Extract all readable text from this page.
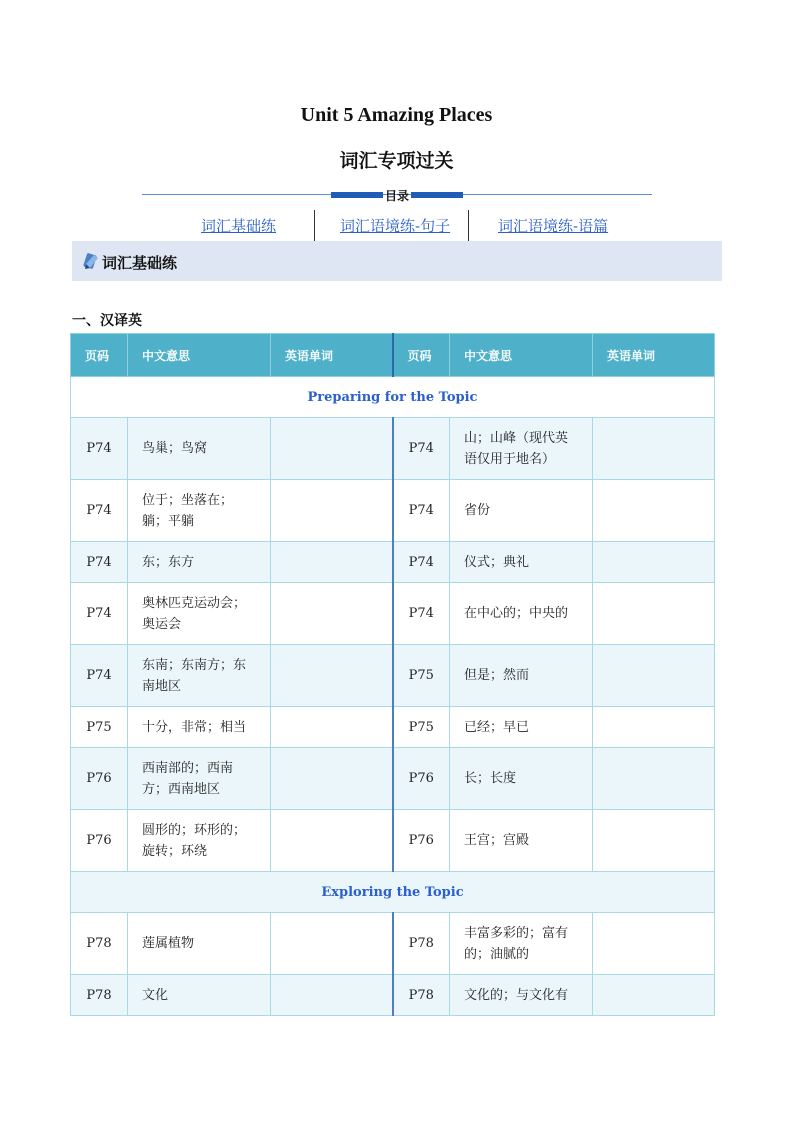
Unit 5 Amazing Places
词汇专项过关
目录
词汇基础练	词汇语境练-句子	词汇语境练-语篇
词汇基础练
一、汉译英
页码	中文意思	英语单词	页码	中文意思	英语单词
Preparing for the Topic					
P74	鸟巢；鸟窝		P74	山；山峰（现代英语仅用于地名）	
P74	位于；坐落在；躺；平躺		P74	省份	
P74	东；东方		P74	仪式；典礼	
P74	奥林匹克运动会；奥运会		P74	在中心的；中央的	
P74	东南；东南方；东南地区		P75	但是；然而	
P75	十分，非常；相当		P75	已经；早已	
P76	西南部的；西南方；西南地区		P76	长；长度	
P76	圆形的；环形的；旋转；环绕		P76	王宫；宫殿	
Exploring the Topic					
P78	莲属植物		P78	丰富多彩的；富有的；油腻的	
P78	文化		P78	文化的；与文化有	
